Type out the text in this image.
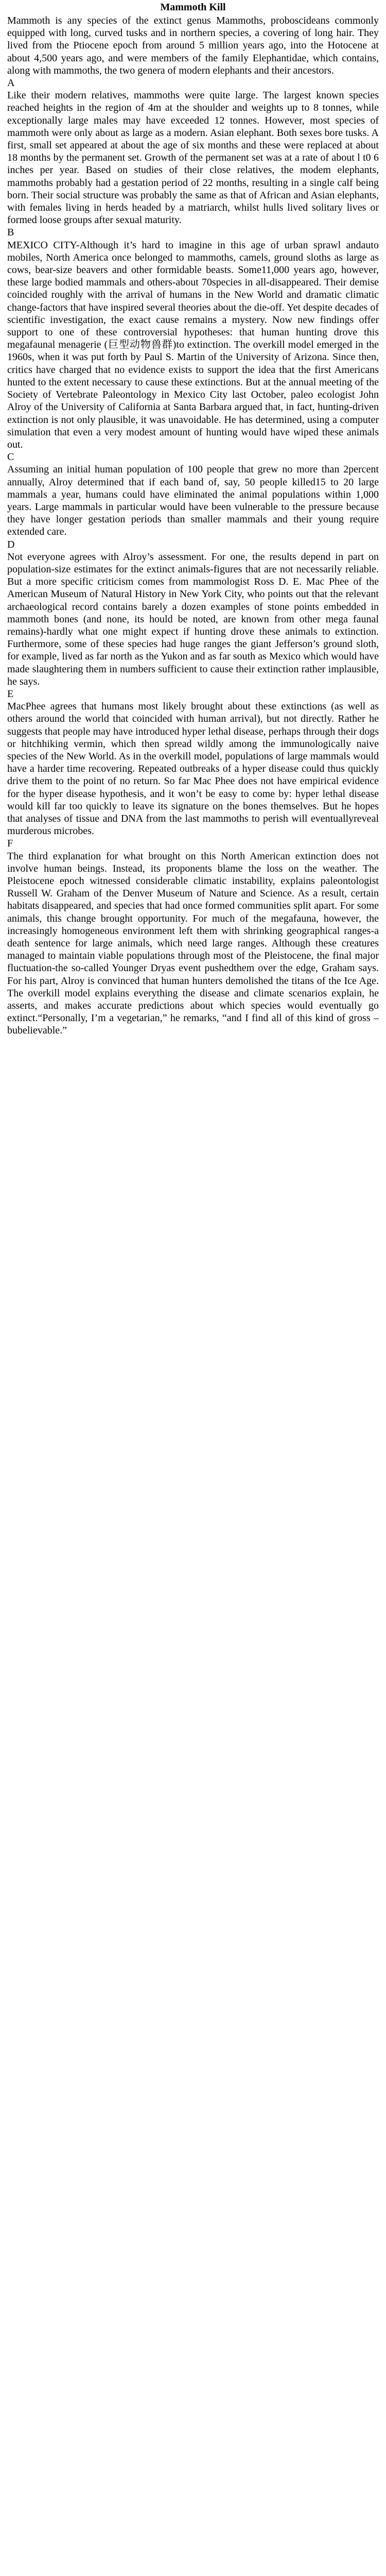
Mammoth Kill

Mammoth is any species of the extinct genus Mammoths, proboscideans commonly equipped with long, curved tusks and in northern species, a covering of long hair. They lived from the Ptiocene epoch from around 5 million years ago, into the Hotocene at about 4,500 years ago, and were members of the family Elephantidae, which contains, along with mammoths, the two genera of modern elephants and their ancestors.

A

Like their modern relatives, mammoths were quite large. The largest known species reached heights in the region of 4m at the shoulder and weights up to 8 tonnes, while exceptionally large males may have exceeded 12 tonnes. However, most species of mammoth were only about as large as a modern. Asian elephant. Both sexes bore tusks. A first, small set appeared at about the age of six months and these were replaced at about 18 months by the permanent set. Growth of the permanent set was at a rate of about l t0 6 inches per year. Based on studies of their close relatives, the modem elephants, mammoths probably had a gestation period of 22 months, resulting in a single calf being born. Their social structure was probably the same as that of African and Asian elephants, with females living in herds headed by a matriarch, whilst hulls lived solitary lives or formed loose groups after sexual maturity.

B

MEXICO CITY-Although it’s hard to imagine in this age of urban sprawl andauto mobiles, North America once belonged to mammoths, camels, ground sloths as large as cows, bear-size beavers and other formidable beasts. Some11,000 years ago, however, these large bodied mammals and others-about 70species in all-disappeared. Their demise coincided roughly with the arrival of humans in the New World and dramatic climatic change-factors that have inspired several theories about the die-off. Yet despite decades of scientific investigation, the exact cause remains a mystery. Now new findings offer support to one of these controversial hypotheses: that human hunting drove this megafaunal menagerie (巨型动物兽群)to extinction. The overkill model emerged in the 1960s, when it was put forth by Paul S. Martin of the University of Arizona. Since then, critics have charged that no evidence exists to support the idea that the first Americans hunted to the extent necessary to cause these extinctions. But at the annual meeting of the Society of Vertebrate Paleontology in Mexico City last October, paleo ecologist John Alroy of the University of California at Santa Barbara argued that, in fact, hunting-driven extinction is not only plausible, it was unavoidable. He has determined, using a computer simulation that even a very modest amount of hunting would have wiped these animals out.

C

Assuming an initial human population of 100 people that grew no more than 2percent annually, Alroy determined that if each band of, say, 50 people killed15 to 20 large mammals a year, humans could have eliminated the animal populations within 1,000 years. Large mammals in particular would have been vulnerable to the pressure because they have longer gestation periods than smaller mammals and their young require extended care.

D

Not everyone agrees with Alroy’s assessment. For one, the results depend in part on population-size estimates for the extinct animals-figures that are not necessarily reliable. But a more specific criticism comes from mammologist Ross D. E. Mac Phee of the American Museum of Natural History in New York City, who points out that the relevant archaeological record contains barely a dozen examples of stone points embedded in mammoth bones (and none, its hould be noted, are known from other mega faunal remains)-hardly what one might expect if hunting drove these animals to extinction. Furthermore, some of these species had huge ranges the giant Jefferson’s ground sloth, for example, lived as far north as the Yukon and as far south as Mexico which would have made slaughtering them in numbers sufficient to cause their extinction rather implausible, he says.

E

MacPhee agrees that humans most likely brought about these extinctions (as well as others around the world that coincided with human arrival), but not directly. Rather he suggests that people may have introduced hyper lethal disease, perhaps through their dogs or hitchhiking vermin, which then spread wildly among the immunologically naive species of the New World. As in the overkill model, populations of large mammals would have a harder time recovering. Repeated outbreaks of a hyper disease could thus quickly drive them to the point of no return. So far Mac Phee does not have empirical evidence for the hyper disease hypothesis, and it won’t be easy to come by: hyper lethal disease would kill far too quickly to leave its signature on the bones themselves. But he hopes that analyses of tissue and DNA from the last mammoths to perish will eventuallyreveal murderous microbes.

F

The third explanation for what brought on this North American extinction does not involve human beings. Instead, its proponents blame the loss on the weather. The Pleistocene epoch witnessed considerable climatic instability, explains paleontologist Russell W. Graham of the Denver Museum of Nature and Science. As a result, certain habitats disappeared, and species that had once formed communities split apart. For some animals, this change brought opportunity. For much of the megafauna, however, the increasingly homogeneous environment left them with shrinking geographical ranges-a death sentence for large animals, which need large ranges. Although these creatures managed to maintain viable populations through most of the Pleistocene, the final major fluctuation-the so-called Younger Dryas event pushedthem over the edge, Graham says. For his part, Alroy is convinced that human hunters demolished the titans of the Ice Age. The overkill model explains everything the disease and climate scenarios explain, he asserts, and makes accurate predictions about which species would eventually go extinct.“Personally, I’m a vegetarian,” he remarks, “and I find all of this kind of gross – bubelievable.”
